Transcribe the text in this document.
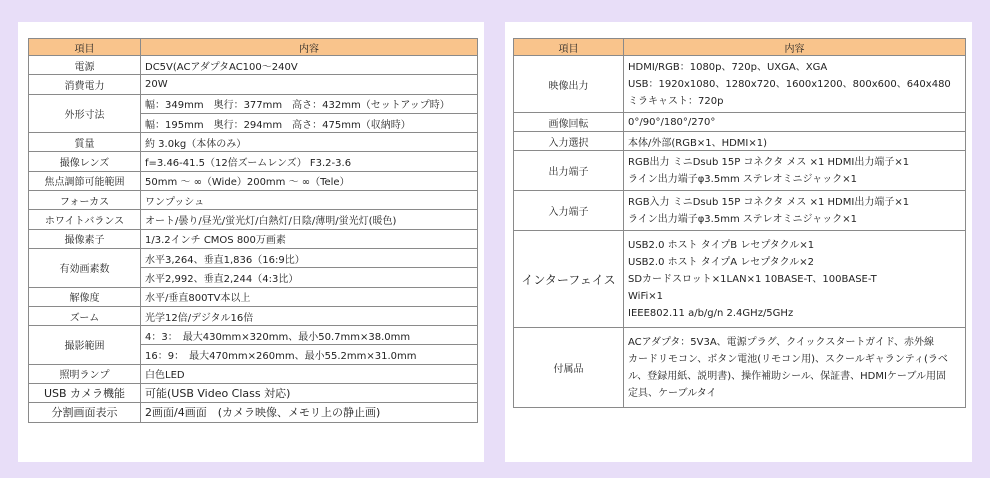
項目	内容
電源	DC5V(ACアダプタAC100〜240V
消費電力	20W
外形寸法	幅：349mm　奥行：377mm　高さ：432mm（セットアップ時）
	幅：195mm　奥行：294mm　高さ：475mm（収納時）
質量	約 3.0kg（本体のみ）
撮像レンズ	f=3.46-41.5（12倍ズームレンズ） F3.2-3.6
焦点調節可能範囲	50mm 〜 ∞（Wide）200mm 〜 ∞（Tele）
フォーカス	ワンプッシュ
ホワイトバランス	オート/曇り/昼光/蛍光灯/白熱灯/日陰/薄明/蛍光灯(暖色)
撮像素子	1/3.2インチ CMOS 800万画素
有効画素数	水平3,264、垂直1,836（16:9比）
	水平2,992、垂直2,244（4:3比）
解像度	水平/垂直800TV本以上
ズーム	光学12倍/デジタル16倍
撮影範囲	4：3：　最大430mm×320mm、最小50.7mm×38.0mm
	16：9：　最大470mm×260mm、最小55.2mm×31.0mm
照明ランプ	白色LED
USB カメラ機能	可能(USB Video Class 対応)
分割画面表示	2画面/4画面　(カメラ映像、メモリ上の静止画)
項目	内容
映像出力	HDMI/RGB：1080p、720p、UXGA、XGA
USB：1920x1080、1280x720、1600x1200、800x600、640x480
ミラキャスト：720p

画像回転	0°/90°/180°/270°
入力選択	本体/外部(RGB×1、HDMI×1)
出力端子	RGB出力 ミニDsub 15P コネクタ メス ×1 HDMI出力端子×1
ライン出力端子φ3.5mm ステレオミニジャック×1

入力端子	RGB入力 ミニDsub 15P コネクタ メス ×1 HDMI出力端子×1
ライン出力端子φ3.5mm ステレオミニジャック×1

インターフェイス	USB2.0 ホスト タイプB レセプタクル×1
USB2.0 ホスト タイプA レセプタクル×2
SDカードスロット×1LAN×1 10BASE-T、100BASE-T
WiFi×1
IEEE802.11 a/b/g/n 2.4GHz/5GHz

付属品	ACアダプタ：5V3A、電源プラグ、クイックスタートガイド、赤外線
カードリモコン、ボタン電池(リモコン用)、スクールギャランティ(ラベ
ル、登録用紙、説明書)、操作補助シール、保証書、HDMIケーブル用固
定具、ケーブルタイ
